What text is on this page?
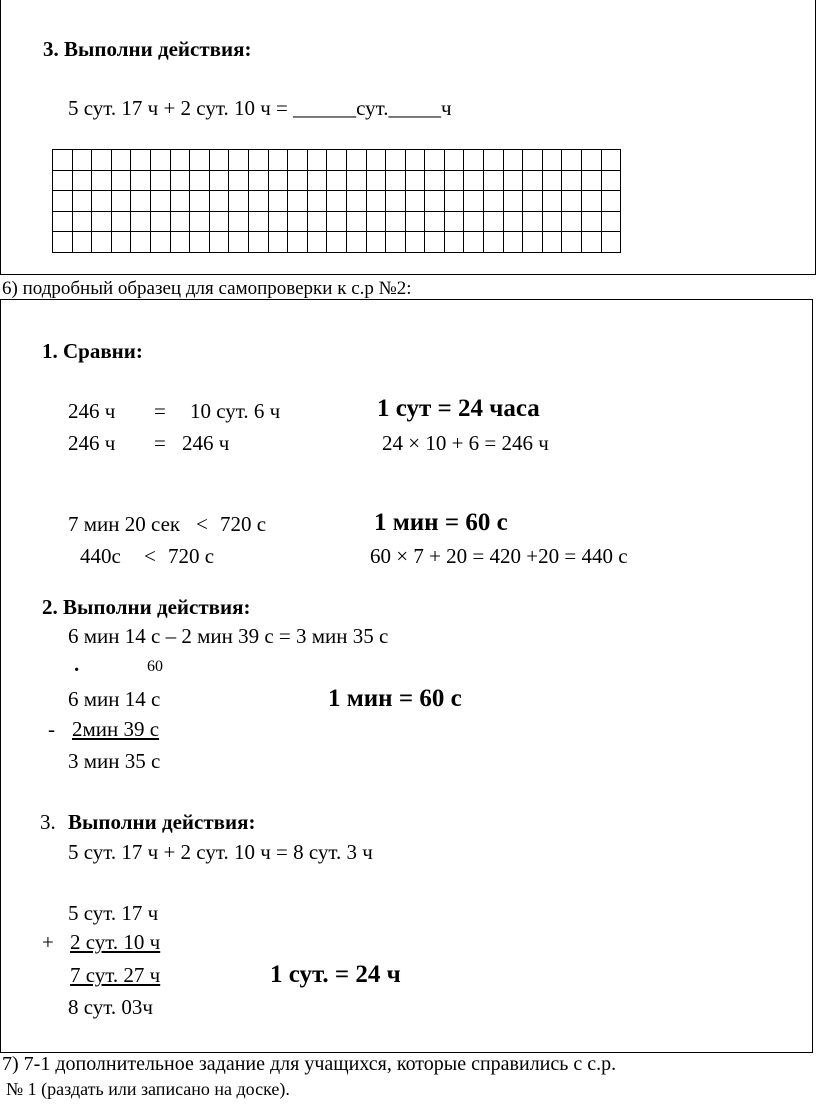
3. Выполни действия:
5 сут. 17 ч + 2 сут. 10 ч = ______сут._____ч

6) подробный образец для самопроверки к с.р №2:
1. Сравни:
246 ч = 10 сут. 6 ч	1 сут = 24 часа
246 ч = 246 ч	24 × 10 + 6 = 246 ч
7 мин 20 сек < 720 с	1 мин = 60 с
440с < 720 с	60 × 7 + 20 = 420 +20 = 440 с
2. Выполни действия:
6 мин 14 с – 2 мин 39 с = 3 мин 35 с
.	60
6 мин 14 с	1 мин = 60 с
- 2мин 39 с
3 мин 35 с
3. Выполни действия:
5 сут. 17 ч + 2 сут. 10 ч = 8 сут. 3 ч
5 сут. 17 ч
+ 2 сут. 10 ч
7 сут. 27 ч	1 сут. = 24 ч
8 сут. 03ч
7) 7-1 дополнительное задание для учащихся, которые справились с с.р.
№ 1 (раздать или записано на доске).
